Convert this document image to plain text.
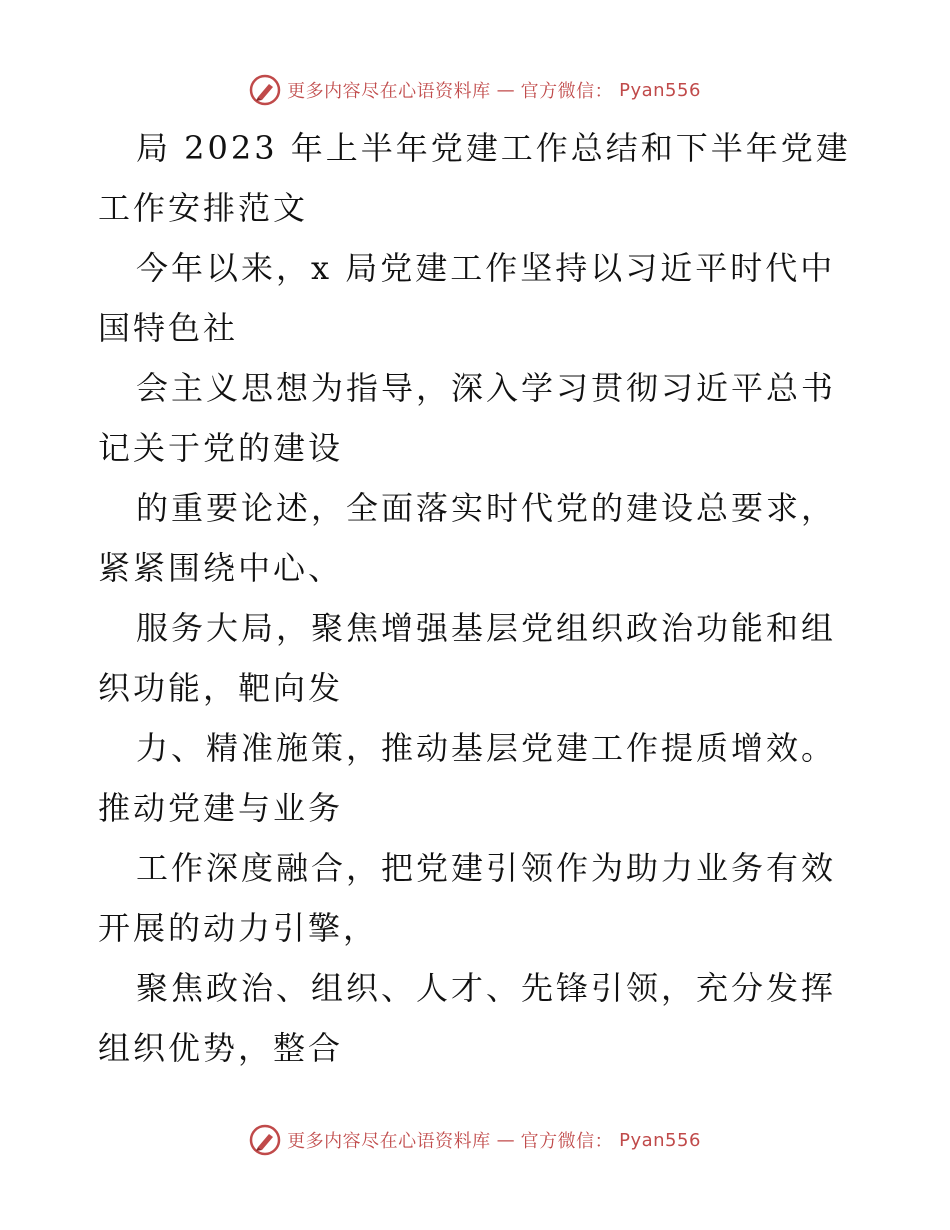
更多内容尽在心语资料库 — 官方微信： Pyan556

局 2023 年上半年党建工作总结和下半年党建工作安排范文

今年以来，x 局党建工作坚持以习近平时代中国特色社

会主义思想为指导，深入学习贯彻习近平总书记关于党的建设

的重要论述，全面落实时代党的建设总要求，紧紧围绕中心、

服务大局，聚焦增强基层党组织政治功能和组织功能，靶向发

力、精准施策，推动基层党建工作提质增效。推动党建与业务

工作深度融合，把党建引领作为助力业务有效开展的动力引擎，

聚焦政治、组织、人才、先锋引领，充分发挥组织优势，整合

更多内容尽在心语资料库 — 官方微信： Pyan556
